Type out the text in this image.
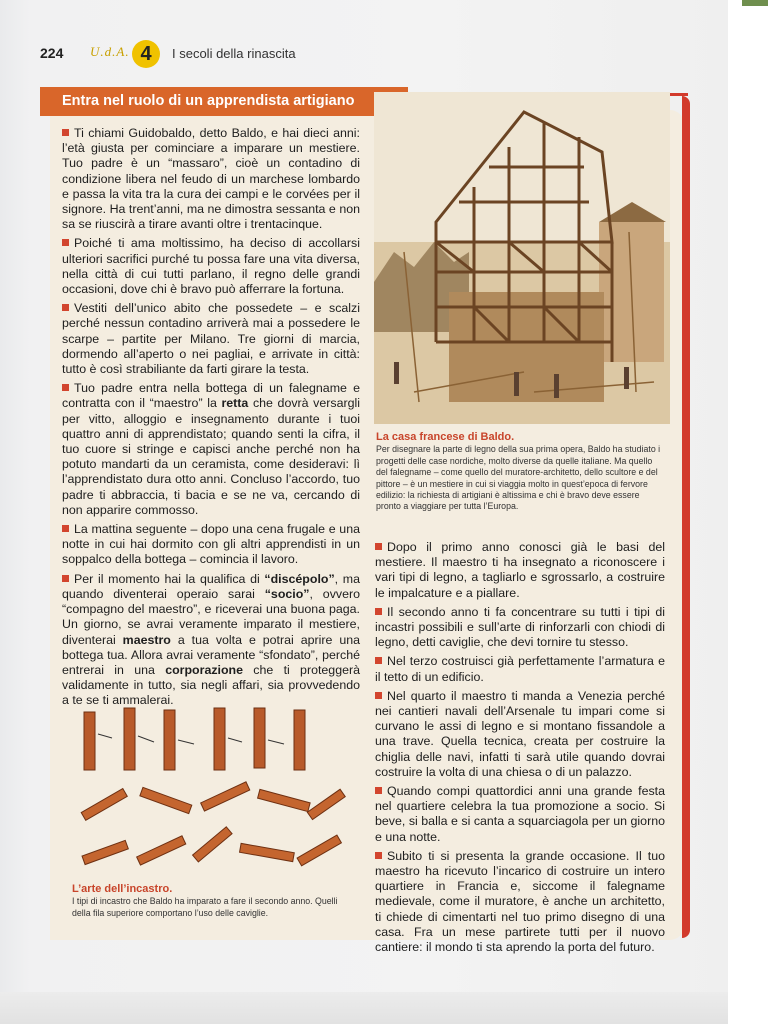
224 U.d.A. 4	I secoli della rinascita
Entra nel ruolo di un apprendista artigiano

Ti chiami Guidobaldo, detto Baldo, e hai dieci anni: l’età giusta per cominciare a imparare un mestiere. Tuo padre è un “massaro”, cioè un contadino di condizione libera nel feudo di un marchese lombardo e passa la vita tra la cura dei campi e le corvées per il signore. Ha trent’anni, ma ne dimostra sessanta e non sa se riuscirà a tirare avanti oltre i trentacinque.

Poiché ti ama moltissimo, ha deciso di accollarsi ulteriori sacrifici purché tu possa fare una vita diversa, nella città di cui tutti parlano, il regno delle grandi occasioni, dove chi è bravo può afferrare la fortuna.

Vestiti dell’unico abito che possedete – e scalzi perché nessun contadino arriverà mai a possedere le scarpe – partite per Milano. Tre giorni di marcia, dormendo all’aperto o nei pagliai, e arrivate in città: tutto è così strabiliante da farti girare la testa.

Tuo padre entra nella bottega di un falegname e contratta con il “maestro” la retta che dovrà versargli per vitto, alloggio e insegnamento durante i tuoi quattro anni di apprendistato; quando senti la cifra, il tuo cuore si stringe e capisci anche perché non ha potuto mandarti da un ceramista, come desideravi: lì l’apprendistato dura otto anni. Concluso l’accordo, tuo padre ti abbraccia, ti bacia e se ne va, cercando di non apparire commosso.

La mattina seguente – dopo una cena frugale e una notte in cui hai dormito con gli altri apprendisti in un soppalco della bottega – comincia il lavoro.

Per il momento hai la qualifica di “discépolo”, ma quando diventerai operaio sarai “socio”, ovvero “compagno del maestro”, e riceverai una buona paga. Un giorno, se avrai veramente imparato il mestiere, diventerai maestro a tua volta e potrai aprire una bottega tua. Allora avrai veramente “sfondato”, perché entrerai in una corporazione che ti proteggerà validamente in tutto, sia negli affari, sia provvedendo a te se ti ammalerai.

La casa francese di Baldo.
Per disegnare la parte di legno della sua prima opera, Baldo ha studiato i progetti delle case nordiche, molto diverse da quelle italiane. Ma quello del falegname – come quello del muratore-architetto, dello scultore e del pittore – è un mestiere in cui si viaggia molto in quest’epoca di fervore edilizio: la richiesta di artigiani è altissima e chi è bravo deve essere pronto a viaggiare per tutta l’Europa.

Dopo il primo anno conosci già le basi del mestiere. Il maestro ti ha insegnato a riconoscere i vari tipi di legno, a tagliarlo e sgrossarlo, a costruire le impalcature e a piallare.

Il secondo anno ti fa concentrare su tutti i tipi di incastri possibili e sull’arte di rinforzarli con chiodi di legno, detti caviglie, che devi tornire tu stesso.

Nel terzo costruisci già perfettamente l’armatura e il tetto di un edificio.

Nel quarto il maestro ti manda a Venezia perché nei cantieri navali dell’Arsenale tu impari come si curvano le assi di legno e si montano fissandole a una trave. Quella tecnica, creata per costruire la chiglia delle navi, infatti ti sarà utile quando dovrai costruire la volta di una chiesa o di un palazzo.

Quando compi quattordici anni una grande festa nel quartiere celebra la tua promozione a socio. Si beve, si balla e si canta a squarciagola per un giorno e una notte.

Subito ti si presenta la grande occasione. Il tuo maestro ha ricevuto l’incarico di costruire un intero quartiere in Francia e, siccome il falegname medievale, come il muratore, è anche un architetto, ti chiede di cimentarti nel tuo primo disegno di una casa. Fra un mese partirete tutti per il nuovo cantiere: il mondo ti sta aprendo la porta del futuro.

L’arte dell’incastro.
I tipi di incastro che Baldo ha imparato a fare il secondo anno. Quelli della fila superiore comportano l’uso delle caviglie.
